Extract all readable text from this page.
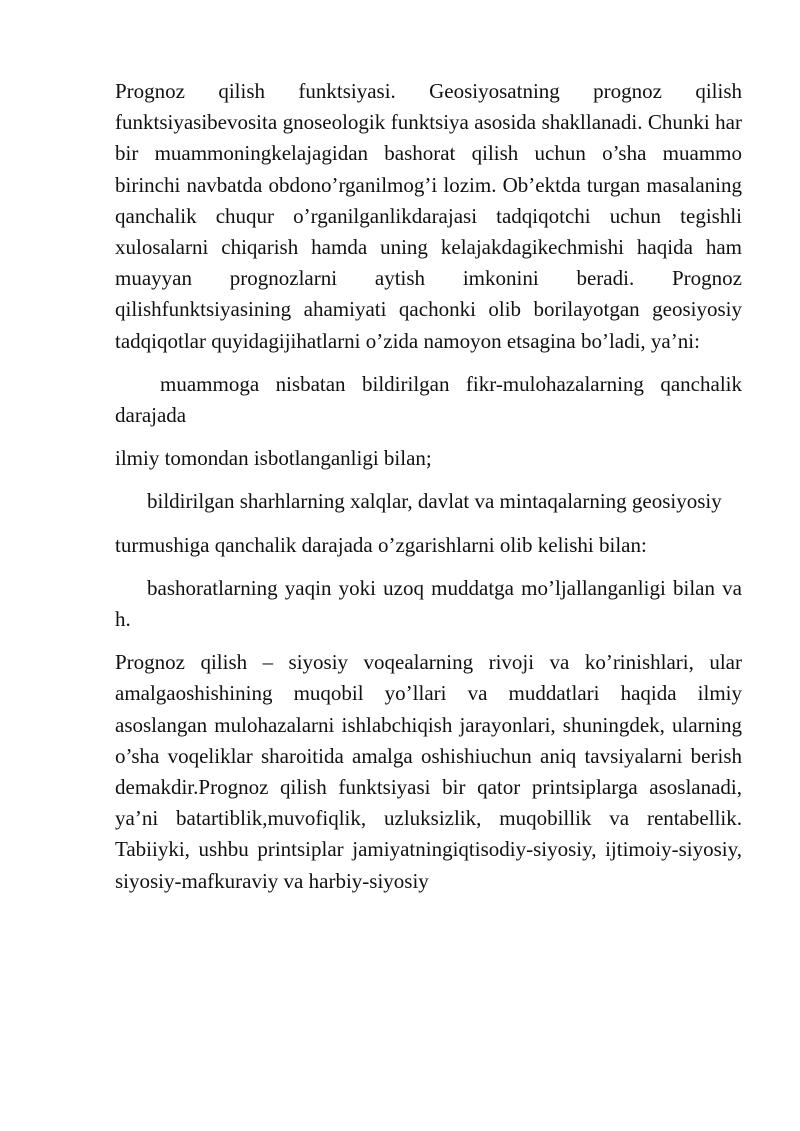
Prognoz qilish funktsiyasi. Geosiyosatning prognoz qilish funktsiyasibevosita gnoseologik funktsiya asosida shakllanadi. Chunki har bir muammoningkelajagidan bashorat qilish uchun o’sha muammo birinchi navbatda obdono’rganilmog’i lozim. Ob’ektda turgan masalaning qanchalik chuqur o’rganilganlikdarajasi tadqiqotchi uchun tegishli xulosalarni chiqarish hamda uning kelajakdagikechmishi haqida ham muayyan prognozlarni aytish imkonini beradi. Prognoz qilishfunktsiyasining ahamiyati qachonki olib borilayotgan geosiyosiy tadqiqotlar quyidagijihatlarni o’zida namoyon etsagina bo’ladi, ya’ni:

muammoga nisbatan bildirilgan fikr-mulohazalarning qanchalik darajada

ilmiy tomondan isbotlanganligi bilan;

bildirilgan sharhlarning xalqlar, davlat va mintaqalarning geosiyosiy

turmushiga qanchalik darajada o’zgarishlarni olib kelishi bilan:

bashoratlarning yaqin yoki uzoq muddatga mo’ljallanganligi bilan va h.

Prognoz qilish – siyosiy voqealarning rivoji va ko’rinishlari, ular amalgaoshishining muqobil yo’llari va muddatlari haqida ilmiy asoslangan mulohazalarni ishlabchiqish jarayonlari, shuningdek, ularning o’sha voqeliklar sharoitida amalga oshishiuchun aniq tavsiyalarni berish demakdir.Prognoz qilish funktsiyasi bir qator printsiplarga asoslanadi, ya’ni batartiblik,muvofiqlik, uzluksizlik, muqobillik va rentabellik. Tabiiyki, ushbu printsiplar jamiyatningiqtisodiy-siyosiy, ijtimoiy-siyosiy, siyosiy-mafkuraviy va harbiy-siyosiy
